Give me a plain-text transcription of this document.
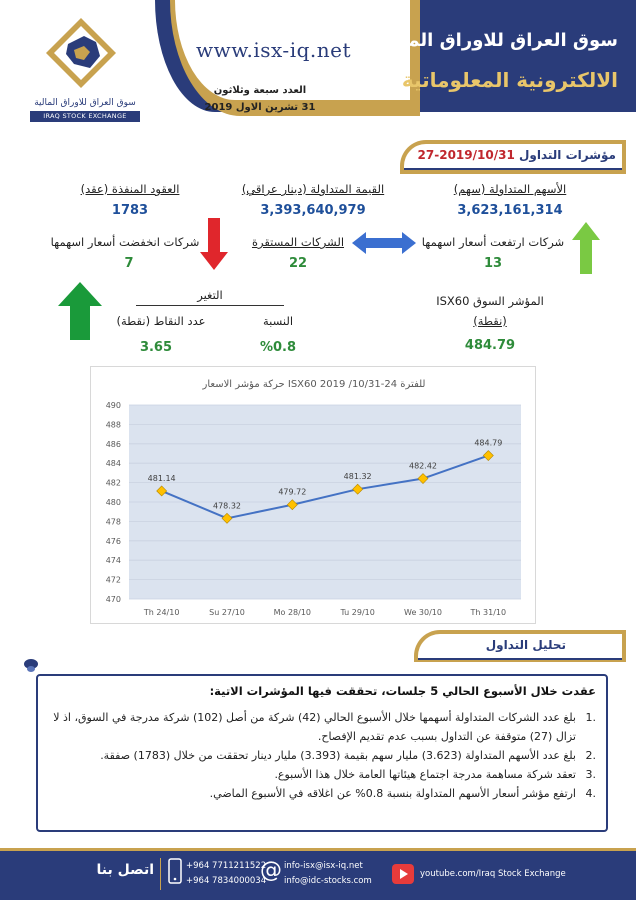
www.isx-iq.net سوق العراق للاوراق المالية
الالكترونية المعلوماتية
العدد سبعة وثلاثون
31 تشرين الاول 2019
سوق العراق للاوراق المالية
IRAQ STOCK EXCHANGE
مؤشرات التداول 2019/10/31-27
الأسهم المتداولة (سهم)
3,623,161,314
القيمة المتداولة (دينار عراقي)
3,393,640,979
العقود المنفذة (عقد)
1783
شركات ارتفعت أسعار اسهمها
13
الشركات المستقرة
22
شركات انخفضت أسعار اسهمها
7
التغير
عدد النقاط (نقطة)
3.65
النسبة
%0.8
المؤشر السوق ISX60
(نقطة)
484.79
حركة مؤشر الاسعار ISX60 للفترة 24-10/31/ 2019
470
472
474
476
478
480
482
484
486
488
490
Th 24/10	Su 27/10	Mo 28/10	Tu 29/10	We 30/10	Th 31/10
481.14
478.32
479.72
481.32
482.42
484.79
تحليل التداول
عقدت خلال الأسبوع الحالي 5 جلسات، تحققت فيها المؤشرات الاتية:
.1
بلغ عدد الشركات المتداولة أسهمها خلال الأسبوع الحالي (42) شركة من أصل (102) شركة مدرجة في السوق، اذ لا تزال (27) متوقفة عن التداول بسبب عدم تقديم الإفصاح.
.2
بلغ عدد الأسهم المتداولة (3.623) مليار سهم بقيمة (3.393) مليار دينار تحققت من خلال (1783) صفقة.
.3
تعقد شركة مساهمة مدرجة اجتماع هيئاتها العامة خلال هذا الأسبوع.
.4
ارتفع مؤشر أسعار الأسهم المتداولة بنسبة 0.8% عن اغلاقه في الأسبوع الماضي.
اتصل بنا	+964 7711211522
+964 7834000034
@ info-isx@isx-iq.net
info@idc-stocks.com
youtube.com/Iraq Stock Exchange
